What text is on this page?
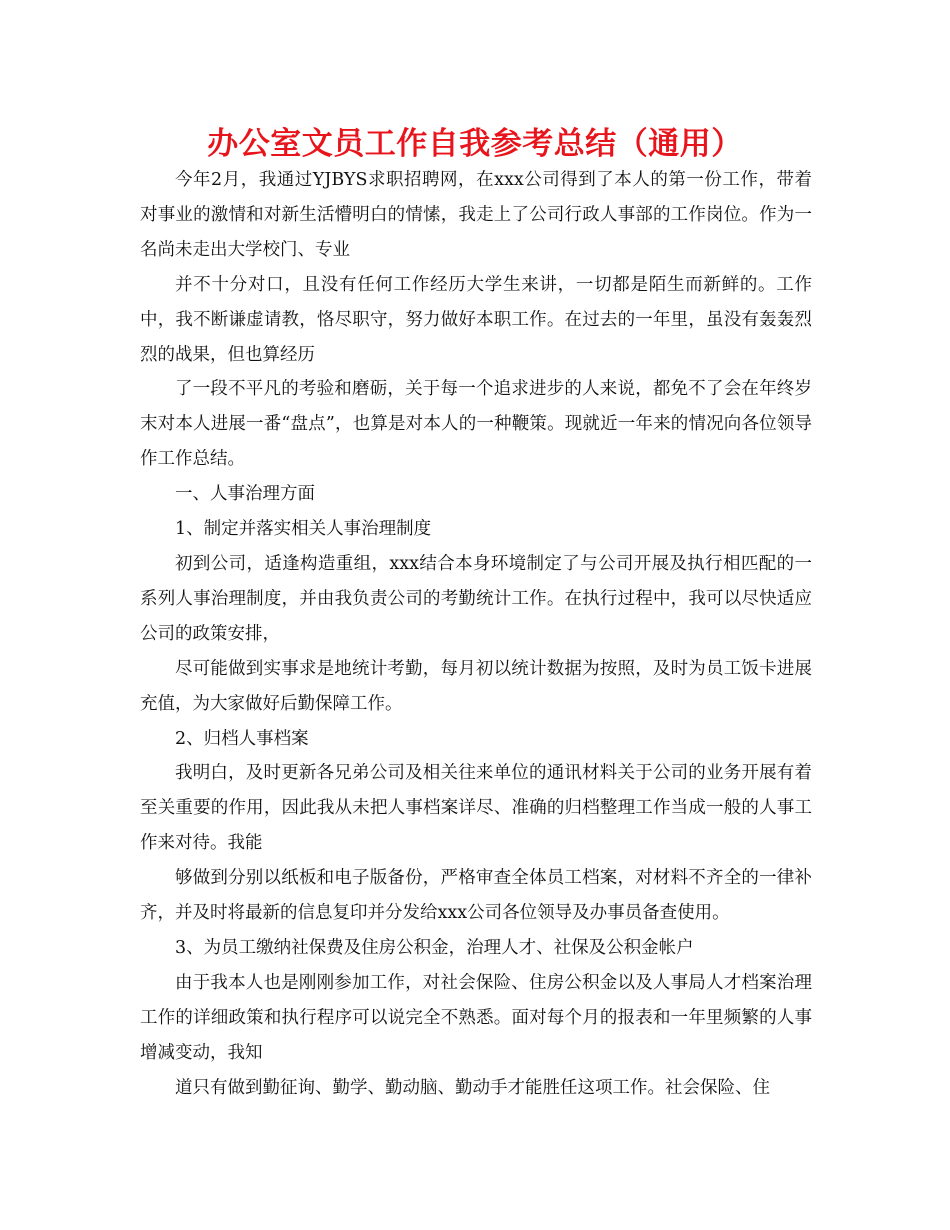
办公室文员工作自我参考总结（通用）

今年2月，我通过YJBYS求职招聘网，在xxx公司得到了本人的第一份工作，带着对事业的激情和对新生活懵明白的情愫，我走上了公司行政人事部的工作岗位。作为一名尚未走出大学校门、专业

并不十分对口，且没有任何工作经历大学生来讲，一切都是陌生而新鲜的。工作中，我不断谦虚请教，恪尽职守，努力做好本职工作。在过去的一年里，虽没有轰轰烈烈的战果，但也算经历

了一段不平凡的考验和磨砺，关于每一个追求进步的人来说，都免不了会在年终岁末对本人进展一番“盘点”，也算是对本人的一种鞭策。现就近一年来的情况向各位领导作工作总结。

一、人事治理方面

1、制定并落实相关人事治理制度

初到公司，适逢构造重组，xxx结合本身环境制定了与公司开展及执行相匹配的一系列人事治理制度，并由我负责公司的考勤统计工作。在执行过程中，我可以尽快适应公司的政策安排，

尽可能做到实事求是地统计考勤，每月初以统计数据为按照，及时为员工饭卡进展充值，为大家做好后勤保障工作。

2、归档人事档案

我明白，及时更新各兄弟公司及相关往来单位的通讯材料关于公司的业务开展有着至关重要的作用，因此我从未把人事档案详尽、准确的归档整理工作当成一般的人事工作来对待。我能

够做到分别以纸板和电子版备份，严格审查全体员工档案，对材料不齐全的一律补齐，并及时将最新的信息复印并分发给xxx公司各位领导及办事员备查使用。

3、为员工缴纳社保费及住房公积金，治理人才、社保及公积金帐户

由于我本人也是刚刚参加工作，对社会保险、住房公积金以及人事局人才档案治理工作的详细政策和执行程序可以说完全不熟悉。面对每个月的报表和一年里频繁的人事增减变动，我知

道只有做到勤征询、勤学、勤动脑、勤动手才能胜任这项工作。社会保险、住
